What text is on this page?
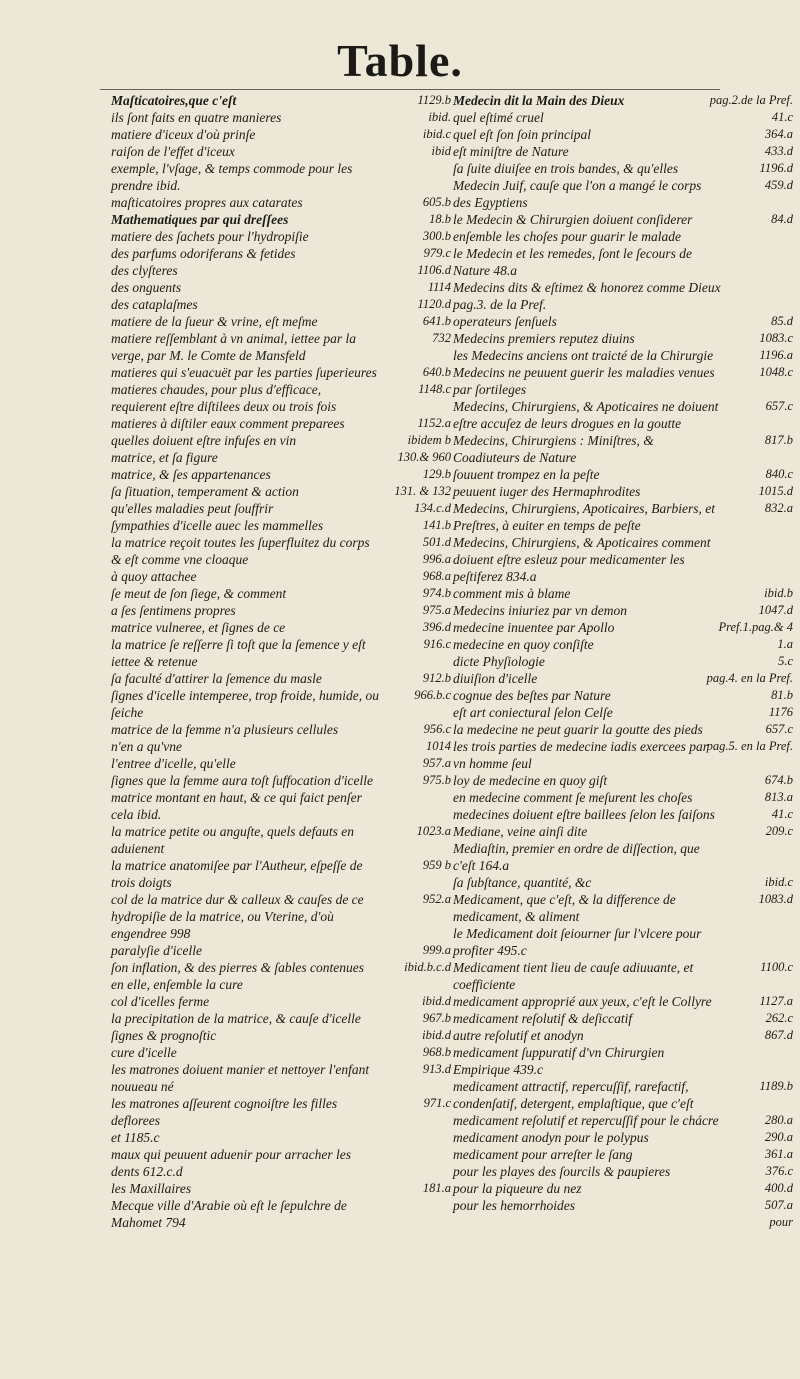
Table.
Maſticatoires,que c'eſt	1129.b
ils ſont faits en quatre manieres	ibid.
matiere d'iceux d'où prinſe	ibid.c
raiſon de l'effet d'iceux	ibid
exemple, l'vſage, & temps commode pour les prendre ibid.
maſticatoires propres aux catarates	605.b
Mathematiques par qui dreſſees	18.b
matiere des ſachets pour l'hydropiſie	300.b
des parfums odoriferans & fetides	979.c
des clyſteres	1106.d
des onguents	1114
des cataplaſmes	1120.d
matiere de la ſueur & vrine, eſt meſme	641.b
matiere reſſemblant à vn animal, iettee par la verge, par M. le Comte de Mansfeld
732
matieres qui s'euacuët par les parties ſuperieures	640.b
matieres chaudes, pour plus d'efficace, requierent eſtre diſtilees deux ou trois fois
1148.c
matieres à diſtiler eaux comment preparees	1152.a
quelles doiuent eſtre infuſes en vin	ibidem b
matrice, et ſa figure	130.& 960
matrice, & ſes appartenances	129.b
ſa ſituation, temperament & action	131. & 132
qu'elles maladies peut ſouffrir	134.c.d
ſympathies d'icelle auec les mammelles	141.b
la matrice reçoit toutes les ſuperfluitez du corps	501.d
& eſt comme vne cloaque	996.a
à quoy attachee	968.a
ſe meut de ſon ſiege, & comment	974.b
a ſes ſentimens propres	975.a
matrice vulneree, et ſignes de ce	396.d
la matrice ſe reſſerre ſi toſt que la ſemence y eſt iettee & retenue
916.c
ſa faculté d'attirer la ſemence du masle	912.b
ſignes d'icelle intemperee, trop froide, humide, ou ſeiche
966.b.c
matrice de la femme n'a plusieurs cellules	956.c
n'en a qu'vne	1014
l'entree d'icelle, qu'elle	957.a
ſignes que la femme aura toſt ſuffocation d'icelle	975.b
matrice montant en haut, & ce qui faict penſer cela ibid.
la matrice petite ou anguſte, quels defauts en aduienent
1023.a
la matrice anatomiſee par l'Autheur, eſpeſſe de trois doigts
959 b
col de la matrice dur & calleux & cauſes de ce	952.a
hydropiſie de la matrice, ou Vterine, d'où engendree 998
paralyſie d'icelle	999.a
ſon inflation, & des pierres & ſables contenues en elle, enſemble la cure
ibid.b.c.d
col d'icelles ferme	ibid.d
la precipitation de la matrice, & cauſe d'icelle	967.b
ſignes & prognoſtic	ibid.d
cure d'icelle	968.b
les matrones doiuent manier et nettoyer l'enfant nouueau né
913.d
les matrones aſſeurent cognoiſtre les filles deflorees
971.c
et 1185.c
maux qui peuuent aduenir pour arracher les dents 612.c.d
les Maxillaires	181.a
Mecque ville d'Arabie où eſt le ſepulchre de Mahomet 794
Medecin dit la Main des Dieux	pag.2.de la Pref.
quel eſtimé cruel	41.c
quel eſt ſon ſoin principal	364.a
eſt miniſtre de Nature	433.d
ſa ſuite diuiſee en trois bandes, & qu'elles	1196.d
Medecin Juif, cauſe que l'on a mangé le corps des Egyptiens
459.d
le Medecin & Chirurgien doiuent conſiderer enſemble les choſes pour guarir le malade
84.d
le Medecin et les remedes, ſont le ſecours de Nature 48.a
Medecins dits & eſtimez & honorez comme Dieux pag.3. de la Pref.
operateurs ſenſuels	85.d
Medecins premiers reputez diuins	1083.c
les Medecins anciens ont traicté de la Chirurgie	1196.a
Medecins ne peuuent guerir les maladies venues par ſortileges
1048.c
Medecins, Chirurgiens, & Apoticaires ne doiuent eſtre accuſez de leurs drogues en la goutte
657.c
Medecins, Chirurgiens : Miniſtres, & Coadiuteurs de Nature
817.b
ſouuent trompez en la peſte	840.c
peuuent iuger des Hermaphrodites	1015.d
Medecins, Chirurgiens, Apoticaires, Barbiers, et Preſtres, à euiter en temps de peſte
832.a
Medecins, Chirurgiens, & Apoticaires comment doiuent eſtre esleuz pour medicamenter les peſtiferez 834.a
comment mis à blame	ibid.b
Medecins iniuriez par vn demon	1047.d
medecine inuentee par Apollo	Pref.1.pag.& 4
medecine en quoy conſiſte	1.a
dicte Phyſiologie	5.c
diuiſion d'icelle	pag.4. en la Pref.
cognue des beſtes par Nature	81.b
eſt art coniectural ſelon Celſe	1176
la medecine ne peut guarir la goutte des pieds	657.c
les trois parties de medecine iadis exercees par vn homme ſeul
pag.5. en la Pref.
loy de medecine en quoy giſt	674.b
en medecine comment ſe meſurent les choſes	813.a
medecines doiuent eſtre baillees ſelon les ſaiſons	41.c
Mediane, veine ainſi dite	209.c
Mediaſtin, premier en ordre de diſſection, que c'eſt 164.a
ſa ſubſtance, quantité, &c	ibid.c
Medicament, que c'eſt, & la difference de medicament, & aliment
1083.d
le Medicament doit ſeiourner ſur l'vlcere pour profiter 495.c
Medicament tient lieu de cauſe adiuuante, et coefficiente
1100.c
medicament approprié aux yeux, c'eſt le Collyre	1127.a
medicament reſolutif & deſiccatif	262.c
autre reſolutif et anodyn	867.d
medicament ſuppuratif d'vn Chirurgien Empirique 439.c
medicament attractif, repercuſſif, rarefactif, condenſatif, detergent, emplaſtique, que c'eſt
1189.b
medicament reſolutif et repercuſſif pour le chácre	280.a
medicament anodyn pour le polypus	290.a
medicament pour arreſter le ſang	361.a
pour les playes des ſourcils & paupieres	376.c
pour la piqueure du nez	400.d
pour les hemorrhoides	507.a
pour
